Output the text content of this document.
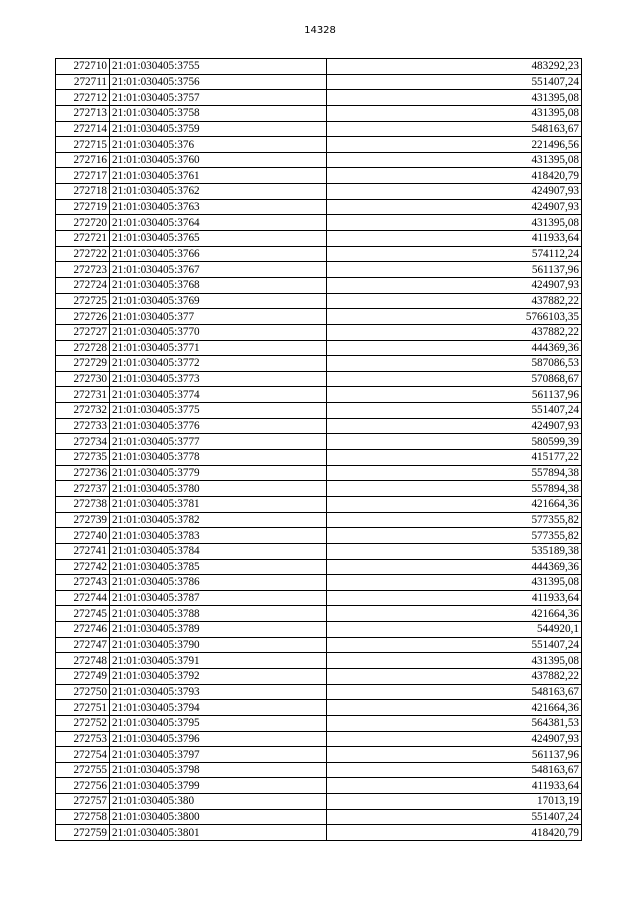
14328
272710	21:01:030405:3755	483292,23
272711	21:01:030405:3756	551407,24
272712	21:01:030405:3757	431395,08
272713	21:01:030405:3758	431395,08
272714	21:01:030405:3759	548163,67
272715	21:01:030405:376	221496,56
272716	21:01:030405:3760	431395,08
272717	21:01:030405:3761	418420,79
272718	21:01:030405:3762	424907,93
272719	21:01:030405:3763	424907,93
272720	21:01:030405:3764	431395,08
272721	21:01:030405:3765	411933,64
272722	21:01:030405:3766	574112,24
272723	21:01:030405:3767	561137,96
272724	21:01:030405:3768	424907,93
272725	21:01:030405:3769	437882,22
272726	21:01:030405:377	5766103,35
272727	21:01:030405:3770	437882,22
272728	21:01:030405:3771	444369,36
272729	21:01:030405:3772	587086,53
272730	21:01:030405:3773	570868,67
272731	21:01:030405:3774	561137,96
272732	21:01:030405:3775	551407,24
272733	21:01:030405:3776	424907,93
272734	21:01:030405:3777	580599,39
272735	21:01:030405:3778	415177,22
272736	21:01:030405:3779	557894,38
272737	21:01:030405:3780	557894,38
272738	21:01:030405:3781	421664,36
272739	21:01:030405:3782	577355,82
272740	21:01:030405:3783	577355,82
272741	21:01:030405:3784	535189,38
272742	21:01:030405:3785	444369,36
272743	21:01:030405:3786	431395,08
272744	21:01:030405:3787	411933,64
272745	21:01:030405:3788	421664,36
272746	21:01:030405:3789	544920,1
272747	21:01:030405:3790	551407,24
272748	21:01:030405:3791	431395,08
272749	21:01:030405:3792	437882,22
272750	21:01:030405:3793	548163,67
272751	21:01:030405:3794	421664,36
272752	21:01:030405:3795	564381,53
272753	21:01:030405:3796	424907,93
272754	21:01:030405:3797	561137,96
272755	21:01:030405:3798	548163,67
272756	21:01:030405:3799	411933,64
272757	21:01:030405:380	17013,19
272758	21:01:030405:3800	551407,24
272759	21:01:030405:3801	418420,79
